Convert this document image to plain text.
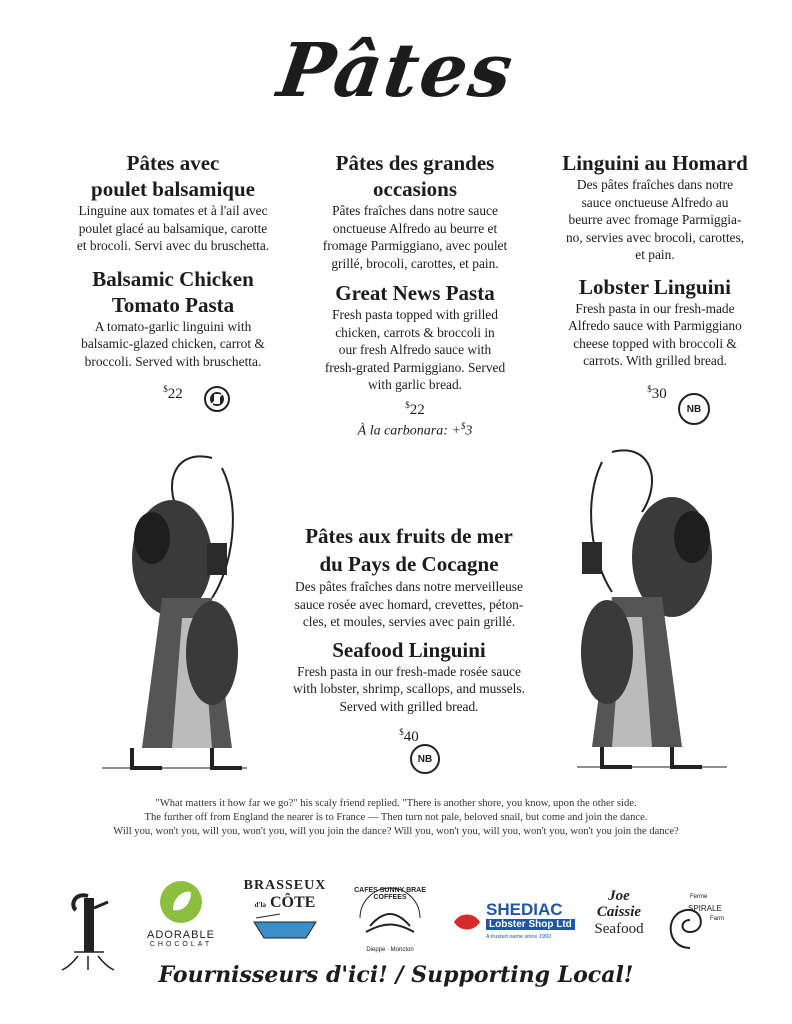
Pâtes
Pâtes avec
poulet balsamique

Linguine aux tomates et à l'ail avec
poulet glacé au balsamique, carotte
et brocoli. Servi avec du bruschetta.

Balsamic Chicken
Tomato Pasta

A tomato-garlic linguini with
balsamic-glazed chicken, carrot &
broccoli. Served with bruschetta.

$22
Pâtes des grandes
occasions

Pâtes fraîches dans notre sauce
onctueuse Alfredo au beurre et
fromage Parmiggiano, avec poulet
grillé, brocoli, carottes, et pain.

Great News Pasta

Fresh pasta topped with grilled
chicken, carrots & broccoli in
our fresh Alfredo sauce with
fresh-grated Parmiggiano. Served
with garlic bread.

$22
À la carbonara: +$3
Linguini au Homard

Des pâtes fraîches dans notre
sauce onctueuse Alfredo au
beurre avec fromage Parmiggia-
no, servies avec brocoli, carottes,
et pain.

Lobster Linguini

Fresh pasta in our fresh-made
Alfredo sauce with Parmiggiano
cheese topped with broccoli &
carrots. With grilled bread.

$30
NB
Pâtes aux fruits de mer
du Pays de Cocagne

Des pâtes fraîches dans notre merveilleuse
sauce rosée avec homard, crevettes, péton-
cles, et moules, servies avec pain grillé.

Seafood Linguini

Fresh pasta in our fresh-made rosée sauce
with lobster, shrimp, scallops, and mussels.
Served with grilled bread.

$40
NB
"What matters it how far we go?" his scaly friend replied. "There is another shore, you know, upon the other side.
The further off from England the nearer is to France — Then turn not pale, beloved snail, but come and join the dance.
Will you, won't you, will you, won't you, will you join the dance? Will you, won't you, will you, won't you, won't you join the dance?
ADORABLE
CHOCOLAT
BRASSEUX
d'la CÔTE
CAFES SUNNY BRAE COFFEES
Dieppe · Moncton
SHEDIAC
Lobster Shop Ltd
A trusted name since 1992
Joe
Caissie
Seafood
Ferme
SPIRALE
Farm
Fournisseurs d'ici! / Supporting Local!
